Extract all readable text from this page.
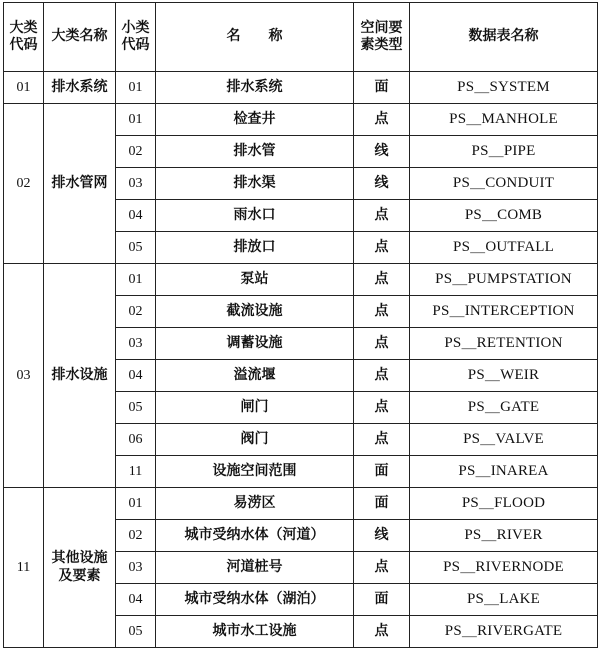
大类代码	大类名称	小类代码	名　　称	空间要素类型	数据表名称
01	排水系统	01	排水系统	面	PS＿SYSTEM
02	排水管网	01	检查井	点	PS＿MANHOLE
		02	排水管	线	PS＿PIPE
		03	排水渠	线	PS＿CONDUIT
		04	雨水口	点	PS＿COMB
		05	排放口	点	PS＿OUTFALL
03	排水设施	01	泵站	点	PS＿PUMPSTATION
		02	截流设施	点	PS＿INTERCEPTION
		03	调蓄设施	点	PS＿RETENTION
		04	溢流堰	点	PS＿WEIR
		05	闸门	点	PS＿GATE
		06	阀门	点	PS＿VALVE
		11	设施空间范围	面	PS＿INAREA
11	其他设施及要素	01	易涝区	面	PS＿FLOOD
		02	城市受纳水体（河道）	线	PS＿RIVER
		03	河道桩号	点	PS＿RIVERNODE
		04	城市受纳水体（湖泊）	面	PS＿LAKE
		05	城市水工设施	点	PS＿RIVERGATE
